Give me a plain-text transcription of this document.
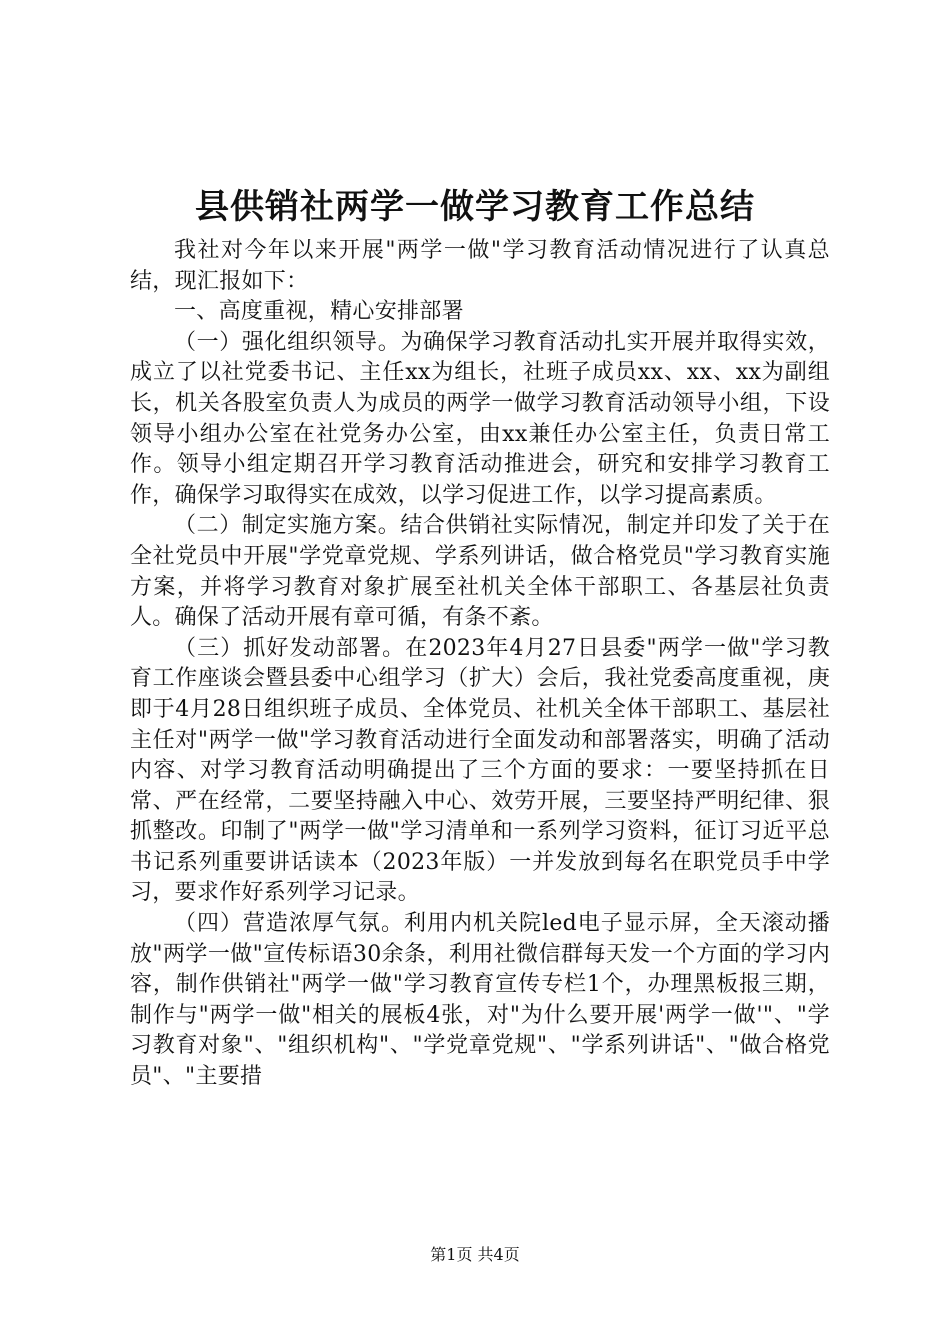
县供销社两学一做学习教育工作总结

我社对今年以来开展"两学一做"学习教育活动情况进行了认真总结，现汇报如下：

一、高度重视，精心安排部署

（一）强化组织领导。为确保学习教育活动扎实开展并取得实效，成立了以社党委书记、主任xx为组长，社班子成员xx、xx、xx为副组长，机关各股室负责人为成员的两学一做学习教育活动领导小组，下设领导小组办公室在社党务办公室，由xx兼任办公室主任，负责日常工作。领导小组定期召开学习教育活动推进会，研究和安排学习教育工作，确保学习取得实在成效，以学习促进工作，以学习提高素质。

（二）制定实施方案。结合供销社实际情况，制定并印发了关于在全社党员中开展"学党章党规、学系列讲话，做合格党员"学习教育实施方案，并将学习教育对象扩展至社机关全体干部职工、各基层社负责人。确保了活动开展有章可循，有条不紊。

（三）抓好发动部署。在2023年4月27日县委"两学一做"学习教育工作座谈会暨县委中心组学习（扩大）会后，我社党委高度重视，庚即于4月28日组织班子成员、全体党员、社机关全体干部职工、基层社主任对"两学一做"学习教育活动进行全面发动和部署落实，明确了活动内容、对学习教育活动明确提出了三个方面的要求：一要坚持抓在日常、严在经常，二要坚持融入中心、效劳开展，三要坚持严明纪律、狠抓整改。印制了"两学一做"学习清单和一系列学习资料，征订习近平总书记系列重要讲话读本（2023年版）一并发放到每名在职党员手中学习，要求作好系列学习记录。

（四）营造浓厚气氛。利用内机关院led电子显示屏，全天滚动播放"两学一做"宣传标语30余条，利用社微信群每天发一个方面的学习内容，制作供销社"两学一做"学习教育宣传专栏1个，办理黑板报三期，制作与"两学一做"相关的展板4张，对"为什么要开展'两学一做'"、"学习教育对象"、"组织机构"、"学党章党规"、"学系列讲话"、"做合格党员"、"主要措

第1页 共4页
